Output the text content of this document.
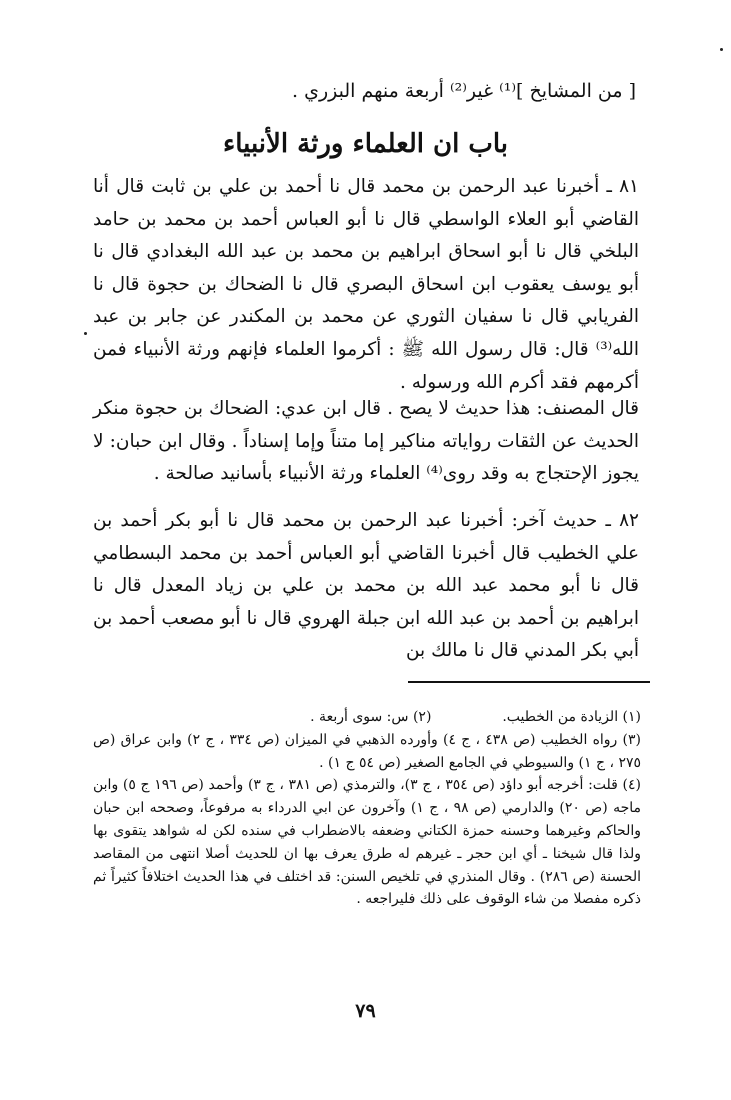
[ من المشايخ ]⁽¹⁾ غير⁽²⁾ أربعة منهم البزري .
باب ان العلماء ورثة الأنبياء
٨١ ـ أخبرنا عبد الرحمن بن محمد قال نا أحمد بن علي بن ثابت قال أنا القاضي أبو العلاء الواسطي قال نا أبو العباس أحمد بن محمد بن حامد البلخي قال نا أبو اسحاق ابراهيم بن محمد بن عبد الله البغدادي قال نا أبو يوسف يعقوب ابن اسحاق البصري قال نا الضحاك بن حجوة قال نا الفريابي قال نا سفيان الثوري عن محمد بن المكندر عن جابر بن عبد الله⁽³⁾ قال: قال رسول الله ﷺ : أكرموا العلماء فإنهم ورثة الأنبياء فمن أكرمهم فقد أكرم الله ورسوله .
قال المصنف: هذا حديث لا يصح . قال ابن عدي: الضحاك بن حجوة منكر الحديث عن الثقات رواياته مناكير إما متناً وإما إسناداً . وقال ابن حبان: لا يجوز الإحتجاج به وقد روى⁽⁴⁾ العلماء ورثة الأنبياء بأسانيد صالحة .
٨٢ ـ حديث آخر: أخبرنا عبد الرحمن بن محمد قال نا أبو بكر أحمد بن علي الخطيب قال أخبرنا القاضي أبو العباس أحمد بن محمد البسطامي قال نا أبو محمد عبد الله بن محمد بن علي بن زياد المعدل قال نا ابراهيم بن أحمد بن عبد الله ابن جبلة الهروي قال نا أبو مصعب أحمد بن أبي بكر المدني قال نا مالك بن
(١) الزيادة من الخطيب.  (٢) س: سوى أربعة .
(٣) رواه الخطيب (ص ٤٣٨ ، ج ٤) وأورده الذهبي في الميزان (ص ٣٣٤ ، ج ٢) وابن عراق (ص ٢٧٥ ، ج ١) والسيوطي في الجامع الصغير (ص ٥٤ ج ١) .
(٤) قلت: أخرجه أبو داؤد (ص ٣٥٤ ، ج ٣)، والترمذي (ص ٣٨١ ، ج ٣) وأحمد (ص ١٩٦ ج ٥) وابن ماجه (ص ٢٠) والدارمي (ص ٩٨ ، ج ١) وآخرون عن ابي الدرداء به مرفوعاً، وصححه ابن حبان والحاكم وغيرهما وحسنه حمزة الكتاني وضعفه بالاضطراب في سنده لكن له شواهد يتقوى بها ولذا قال شيخنا ـ أي ابن حجر ـ غيرهم له طرق يعرف بها ان للحديث أصلا انتهى من المقاصد الحسنة (ص ٢٨٦) . وقال المنذري في تلخيص السنن: قد اختلف في هذا الحديث اختلافاً كثيراً ثم ذكره مفصلا من شاء الوقوف على ذلك فليراجعه .
٧٩
